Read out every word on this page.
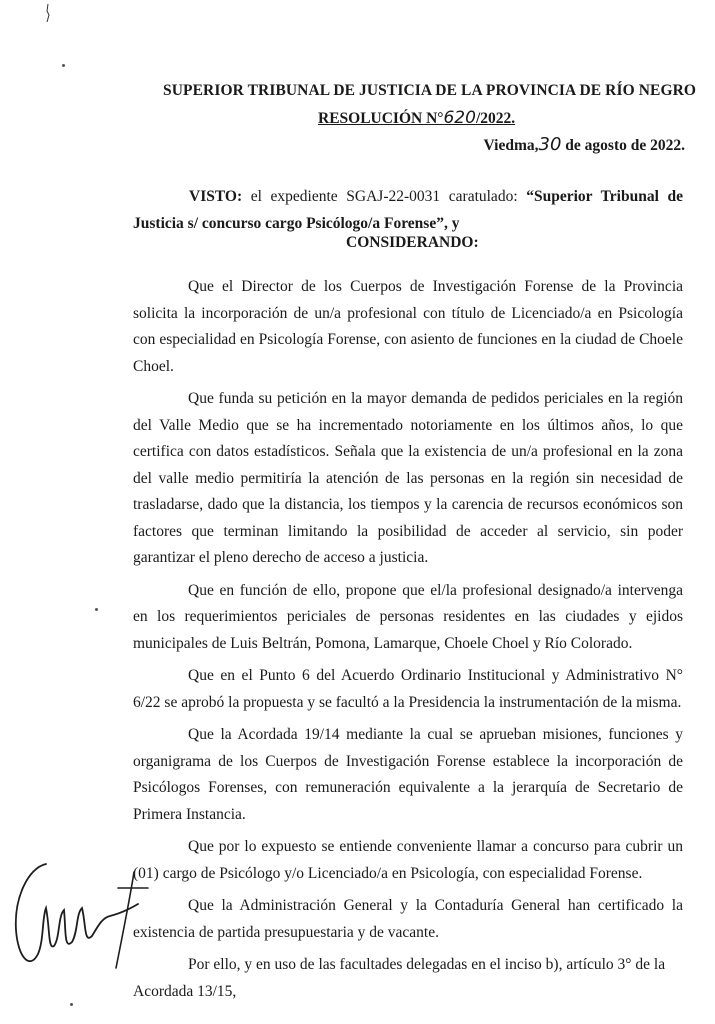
SUPERIOR TRIBUNAL DE JUSTICIA DE LA PROVINCIA DE RÍO NEGRO
RESOLUCIÓN N°620/2022.
Viedma,30 de agosto de 2022.
VISTO: el expediente SGAJ-22-0031 caratulado: “Superior Tribunal de Justicia s/ concurso cargo Psicólogo/a Forense”, y
CONSIDERANDO:

Que el Director de los Cuerpos de Investigación Forense de la Provincia solicita la incorporación de un/a profesional con título de Licenciado/a en Psicología con especialidad en Psicología Forense, con asiento de funciones en la ciudad de Choele Choel.

Que funda su petición en la mayor demanda de pedidos periciales en la región del Valle Medio que se ha incrementado notoriamente en los últimos años, lo que certifica con datos estadísticos. Señala que la existencia de un/a profesional en la zona del valle medio permitiría la atención de las personas en la región sin necesidad de trasladarse, dado que la distancia, los tiempos y la carencia de recursos económicos son factores que terminan limitando la posibilidad de acceder al servicio, sin poder garantizar el pleno derecho de acceso a justicia.

Que en función de ello, propone que el/la profesional designado/a intervenga en los requerimientos periciales de personas residentes en las ciudades y ejidos municipales de Luis Beltrán, Pomona, Lamarque, Choele Choel y Río Colorado.

Que en el Punto 6 del Acuerdo Ordinario Institucional y Administrativo N° 6/22 se aprobó la propuesta y se facultó a la Presidencia la instrumentación de la misma.

Que la Acordada 19/14 mediante la cual se aprueban misiones, funciones y organigrama de los Cuerpos de Investigación Forense establece la incorporación de Psicólogos Forenses, con remuneración equivalente a la jerarquía de Secretario de Primera Instancia.

Que por lo expuesto se entiende conveniente llamar a concurso para cubrir un (01) cargo de Psicólogo y/o Licenciado/a en Psicología, con especialidad Forense.

Que la Administración General y la Contaduría General han certificado la existencia de partida presupuestaria y de vacante.

Por ello, y en uso de las facultades delegadas en el inciso b), artículo 3° de la Acordada 13/15,
